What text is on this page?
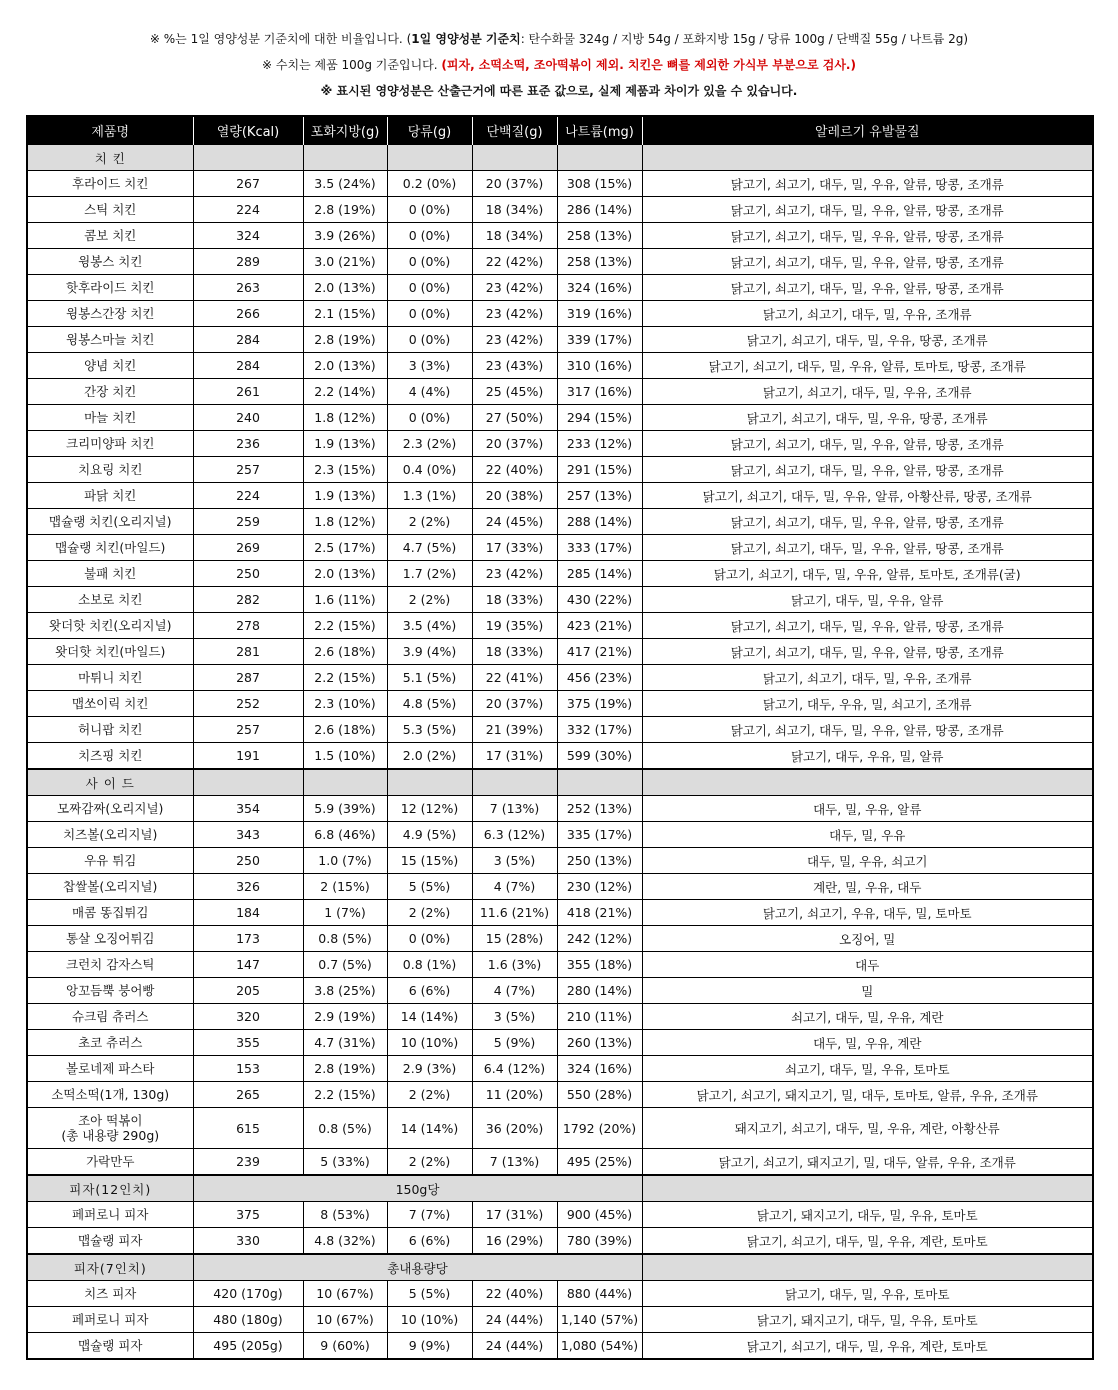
※ %는 1일 영양성분 기준치에 대한 비율입니다. (1일 영양성분 기준치: 탄수화물 324g / 지방 54g / 포화지방 15g / 당류 100g / 단백질 55g / 나트륨 2g)
※ 수치는 제품 100g 기준입니다. (피자, 소떡소떡, 조아떡볶이 제외. 치킨은 뼈를 제외한 가식부 부분으로 검사.)
※ 표시된 영양성분은 산출근거에 따른 표준 값으로, 실제 제품과 차이가 있을 수 있습니다.
제품명	열량(Kcal)	포화지방(g)	당류(g)	단백질(g)	나트륨(mg)	알레르기 유발물질
치 킨						

후라이드 치킨	267	3.5 (24%)	0.2 (0%)	20 (37%)	308 (15%)	닭고기, 쇠고기, 대두, 밀, 우유, 알류, 땅콩, 조개류

스틱 치킨	224	2.8 (19%)	0 (0%)	18 (34%)	286 (14%)	닭고기, 쇠고기, 대두, 밀, 우유, 알류, 땅콩, 조개류

콤보 치킨	324	3.9 (26%)	0 (0%)	18 (34%)	258 (13%)	닭고기, 쇠고기, 대두, 밀, 우유, 알류, 땅콩, 조개류

윙봉스 치킨	289	3.0 (21%)	0 (0%)	22 (42%)	258 (13%)	닭고기, 쇠고기, 대두, 밀, 우유, 알류, 땅콩, 조개류

핫후라이드 치킨	263	2.0 (13%)	0 (0%)	23 (42%)	324 (16%)	닭고기, 쇠고기, 대두, 밀, 우유, 알류, 땅콩, 조개류

윙봉스간장 치킨	266	2.1 (15%)	0 (0%)	23 (42%)	319 (16%)	닭고기, 쇠고기, 대두, 밀, 우유, 조개류

윙봉스마늘 치킨	284	2.8 (19%)	0 (0%)	23 (42%)	339 (17%)	닭고기, 쇠고기, 대두, 밀, 우유, 땅콩, 조개류

양념 치킨	284	2.0 (13%)	3 (3%)	23 (43%)	310 (16%)	닭고기, 쇠고기, 대두, 밀, 우유, 알류, 토마토, 땅콩, 조개류

간장 치킨	261	2.2 (14%)	4 (4%)	25 (45%)	317 (16%)	닭고기, 쇠고기, 대두, 밀, 우유, 조개류

마늘 치킨	240	1.8 (12%)	0 (0%)	27 (50%)	294 (15%)	닭고기, 쇠고기, 대두, 밀, 우유, 땅콩, 조개류

크리미양파 치킨	236	1.9 (13%)	2.3 (2%)	20 (37%)	233 (12%)	닭고기, 쇠고기, 대두, 밀, 우유, 알류, 땅콩, 조개류

치요링 치킨	257	2.3 (15%)	0.4 (0%)	22 (40%)	291 (15%)	닭고기, 쇠고기, 대두, 밀, 우유, 알류, 땅콩, 조개류

파닭 치킨	224	1.9 (13%)	1.3 (1%)	20 (38%)	257 (13%)	닭고기, 쇠고기, 대두, 밀, 우유, 알류, 아황산류, 땅콩, 조개류

맵슐랭 치킨(오리지널)	259	1.8 (12%)	2 (2%)	24 (45%)	288 (14%)	닭고기, 쇠고기, 대두, 밀, 우유, 알류, 땅콩, 조개류

맵슐랭 치킨(마일드)	269	2.5 (17%)	4.7 (5%)	17 (33%)	333 (17%)	닭고기, 쇠고기, 대두, 밀, 우유, 알류, 땅콩, 조개류

불패 치킨	250	2.0 (13%)	1.7 (2%)	23 (42%)	285 (14%)	닭고기, 쇠고기, 대두, 밀, 우유, 알류, 토마토, 조개류(굴)

소보로 치킨	282	1.6 (11%)	2 (2%)	18 (33%)	430 (22%)	닭고기, 대두, 밀, 우유, 알류

왓더핫 치킨(오리지널)	278	2.2 (15%)	3.5 (4%)	19 (35%)	423 (21%)	닭고기, 쇠고기, 대두, 밀, 우유, 알류, 땅콩, 조개류

왓더핫 치킨(마일드)	281	2.6 (18%)	3.9 (4%)	18 (33%)	417 (21%)	닭고기, 쇠고기, 대두, 밀, 우유, 알류, 땅콩, 조개류

마튀니 치킨	287	2.2 (15%)	5.1 (5%)	22 (41%)	456 (23%)	닭고기, 쇠고기, 대두, 밀, 우유, 조개류

맵쏘이릭 치킨	252	2.3 (10%)	4.8 (5%)	20 (37%)	375 (19%)	닭고기, 대두, 우유, 밀, 쇠고기, 조개류

허니팝 치킨	257	2.6 (18%)	5.3 (5%)	21 (39%)	332 (17%)	닭고기, 쇠고기, 대두, 밀, 우유, 알류, 땅콩, 조개류

치즈핑 치킨	191	1.5 (10%)	2.0 (2%)	17 (31%)	599 (30%)	닭고기, 대두, 우유, 밀, 알류
사 이 드						

모짜감짜(오리지널)	354	5.9 (39%)	12 (12%)	7 (13%)	252 (13%)	대두, 밀, 우유, 알류

치즈볼(오리지널)	343	6.8 (46%)	4.9 (5%)	6.3 (12%)	335 (17%)	대두, 밀, 우유

우유 튀김	250	1.0 (7%)	15 (15%)	3 (5%)	250 (13%)	대두, 밀, 우유, 쇠고기

찹쌀볼(오리지널)	326	2 (15%)	5 (5%)	4 (7%)	230 (12%)	계란, 밀, 우유, 대두

매콤 똥집튀김	184	1 (7%)	2 (2%)	11.6 (21%)	418 (21%)	닭고기, 쇠고기, 우유, 대두, 밀, 토마토

통살 오징어튀김	173	0.8 (5%)	0 (0%)	15 (28%)	242 (12%)	오징어, 밀

크런치 감자스틱	147	0.7 (5%)	0.8 (1%)	1.6 (3%)	355 (18%)	대두

앙꼬듬뿍 붕어빵	205	3.8 (25%)	6 (6%)	4 (7%)	280 (14%)	밀

슈크림 츄러스	320	2.9 (19%)	14 (14%)	3 (5%)	210 (11%)	쇠고기, 대두, 밀, 우유, 계란

초코 츄러스	355	4.7 (31%)	10 (10%)	5 (9%)	260 (13%)	대두, 밀, 우유, 계란

볼로네제 파스타	153	2.8 (19%)	2.9 (3%)	6.4 (12%)	324 (16%)	쇠고기, 대두, 밀, 우유, 토마토

소떡소떡(1개, 130g)	265	2.2 (15%)	2 (2%)	11 (20%)	550 (28%)	닭고기, 쇠고기, 돼지고기, 밀, 대두, 토마토, 알류, 우유, 조개류

조아 떡볶이
(총 내용량 290g)	615	0.8 (5%)	14 (14%)	36 (20%)	1792 (20%)	돼지고기, 쇠고기, 대두, 밀, 우유, 계란, 아황산류

가락만두	239	5 (33%)	2 (2%)	7 (13%)	495 (25%)	닭고기, 쇠고기, 돼지고기, 밀, 대두, 알류, 우유, 조개류
피자(12인치)	150g당					

페퍼로니 피자	375	8 (53%)	7 (7%)	17 (31%)	900 (45%)	닭고기, 돼지고기, 대두, 밀, 우유, 토마토

맵슐랭 피자	330	4.8 (32%)	6 (6%)	16 (29%)	780 (39%)	닭고기, 쇠고기, 대두, 밀, 우유, 계란, 토마토
피자(7인치)	총내용량당					

치즈 피자	420 (170g)	10 (67%)	5 (5%)	22 (40%)	880 (44%)	닭고기, 대두, 밀, 우유, 토마토

페퍼로니 피자	480 (180g)	10 (67%)	10 (10%)	24 (44%)	1,140 (57%)	닭고기, 돼지고기, 대두, 밀, 우유, 토마토

맵슐랭 피자	495 (205g)	9 (60%)	9 (9%)	24 (44%)	1,080 (54%)	닭고기, 쇠고기, 대두, 밀, 우유, 계란, 토마토
